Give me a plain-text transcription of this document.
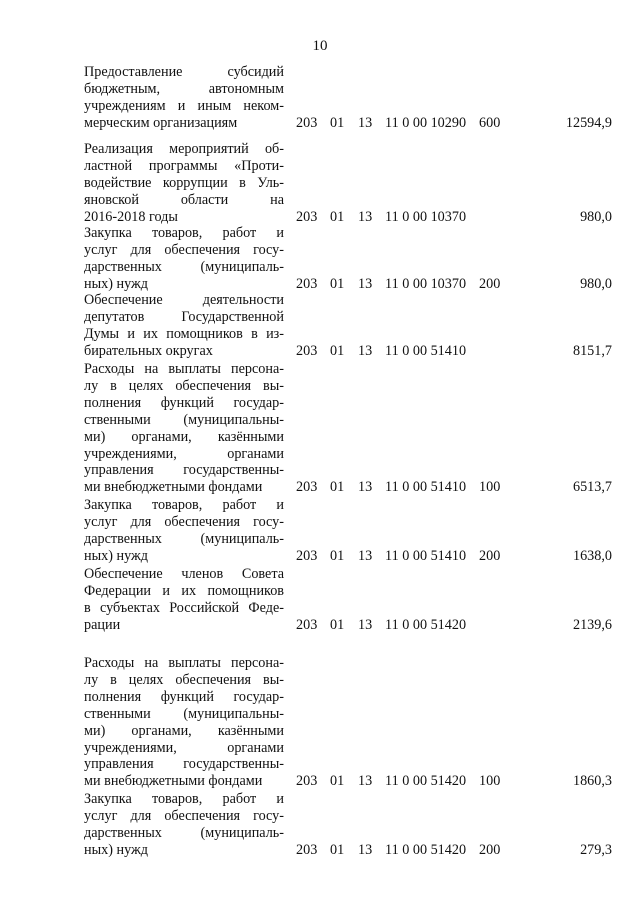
10
Предоставление субсидий
бюджетным, автономным
учреждениям и иным неком-
мерческим организациям	203 01 13 11 0 00 10290 600	12594,9
Реализация мероприятий об-
ластной программы «Проти-
водействие коррупции в Уль-
яновской области на
2016-2018 годы	203 01 13 11 0 00 10370	980,0
Закупка товаров, работ и
услуг для обеспечения госу-
дарственных (муниципаль-
ных) нужд	203 01 13 11 0 00 10370 200	980,0
Обеспечение деятельности
депутатов Государственной
Думы и их помощников в из-
бирательных округах	203 01 13 11 0 00 51410	8151,7
Расходы на выплаты персона-
лу в целях обеспечения вы-
полнения функций государ-
ственными (муниципальны-
ми) органами, казёнными
учреждениями, органами
управления государственны-
ми внебюджетными фондами	203 01 13 11 0 00 51410 100	6513,7
Закупка товаров, работ и
услуг для обеспечения госу-
дарственных (муниципаль-
ных) нужд	203 01 13 11 0 00 51410 200	1638,0
Обеспечение членов Совета
Федерации и их помощников
в субъектах Российской Феде-
рации	203 01 13 11 0 00 51420	2139,6
Расходы на выплаты персона-
лу в целях обеспечения вы-
полнения функций государ-
ственными (муниципальны-
ми) органами, казёнными
учреждениями, органами
управления государственны-
ми внебюджетными фондами	203 01 13 11 0 00 51420 100	1860,3
Закупка товаров, работ и
услуг для обеспечения госу-
дарственных (муниципаль-
ных) нужд	203 01 13 11 0 00 51420 200	279,3
